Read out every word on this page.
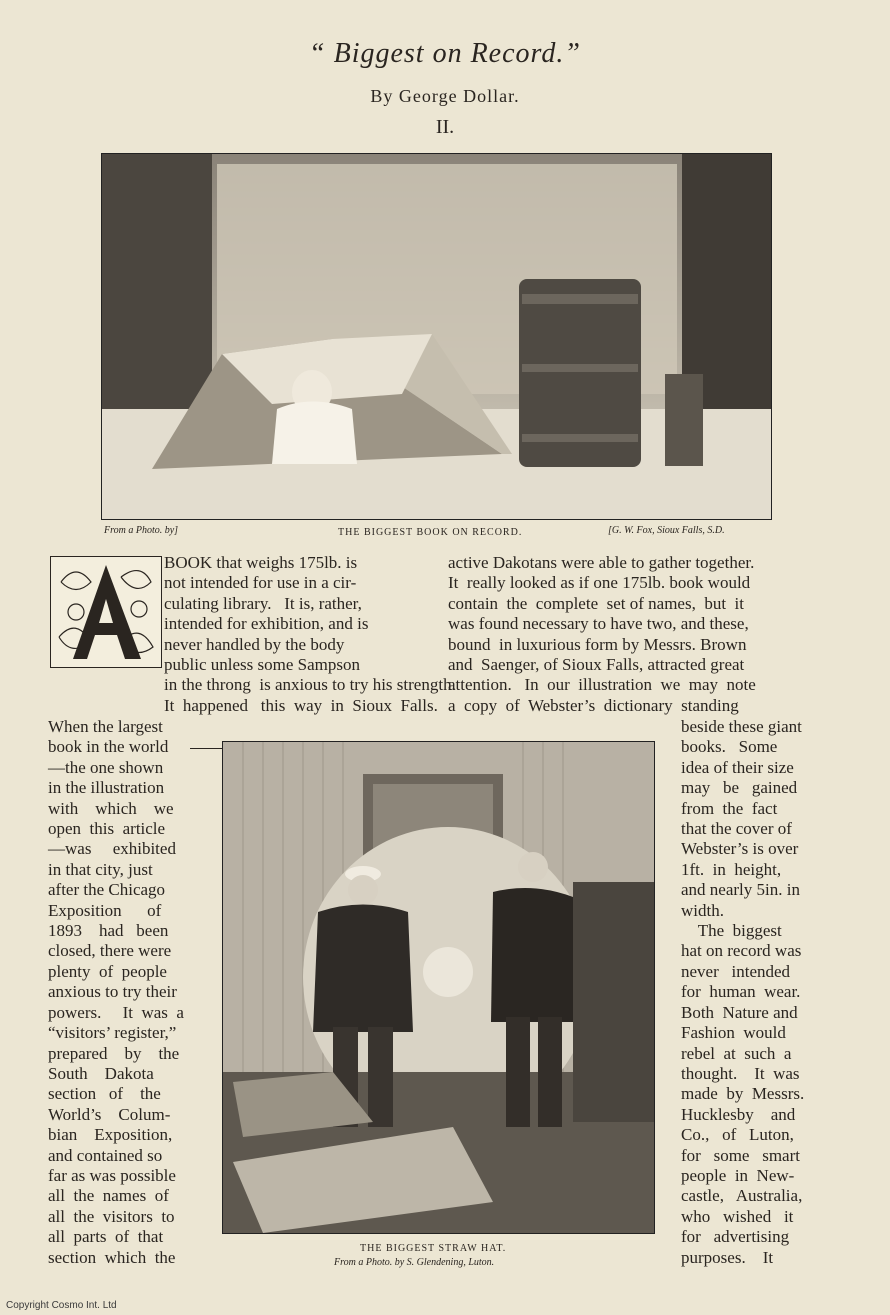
“ Biggest on Record.”
By George Dollar.
II.
From a Photo. by]	THE BIGGEST BOOK ON RECORD.	[G. W. Fox, Sioux Falls, S.D.
BOOK that weighs 175lb. is
not intended for use in a cir-
culating library.   It is, rather,
intended for exhibition, and is
never handled by the body
public unless some Sampson
in the throng  is anxious to try his strength.
It  happened   this  way  in  Sioux  Falls.
When the largest
book in the world
—the one shown
in the illustration
with    which    we
open  this  article
—was     exhibited
in that city, just
after the Chicago
Exposition      of
1893    had   been
closed, there were
plenty  of  people
anxious to try their
powers.     It  was  a
“visitors’ register,”
prepared    by    the
South    Dakota
section   of    the
World’s    Colum-
bian    Exposition,
and contained so
far as was possible
all  the  names  of
all  the  visitors  to
all  parts  of  that
section  which  the
active Dakotans were able to gather together.
It  really looked as if one 175lb. book would
contain  the  complete  set of names,  but  it
was found necessary to have two, and these,
bound  in luxurious form by Messrs. Brown
and  Saenger, of Sioux Falls, attracted great
attention.   In  our  illustration  we  may  note
a  copy  of  Webster’s  dictionary  standing
beside these giant
books.   Some
idea of their size
may   be   gained
from  the  fact
that the cover of
Webster’s is over
1ft.  in  height,
and nearly 5in. in
width.
The  biggest
hat on record was
never   intended
for  human  wear.
Both  Nature and
Fashion  would
rebel  at  such  a
thought.    It  was
made  by  Messrs.
Hucklesby    and
Co.,   of   Luton,
for   some   smart
people  in  New-
castle,   Australia,
who   wished   it
for   advertising
purposes.    It
THE BIGGEST STRAW HAT.
From a Photo. by S. Glendening, Luton.
Copyright Cosmo Int. Ltd
